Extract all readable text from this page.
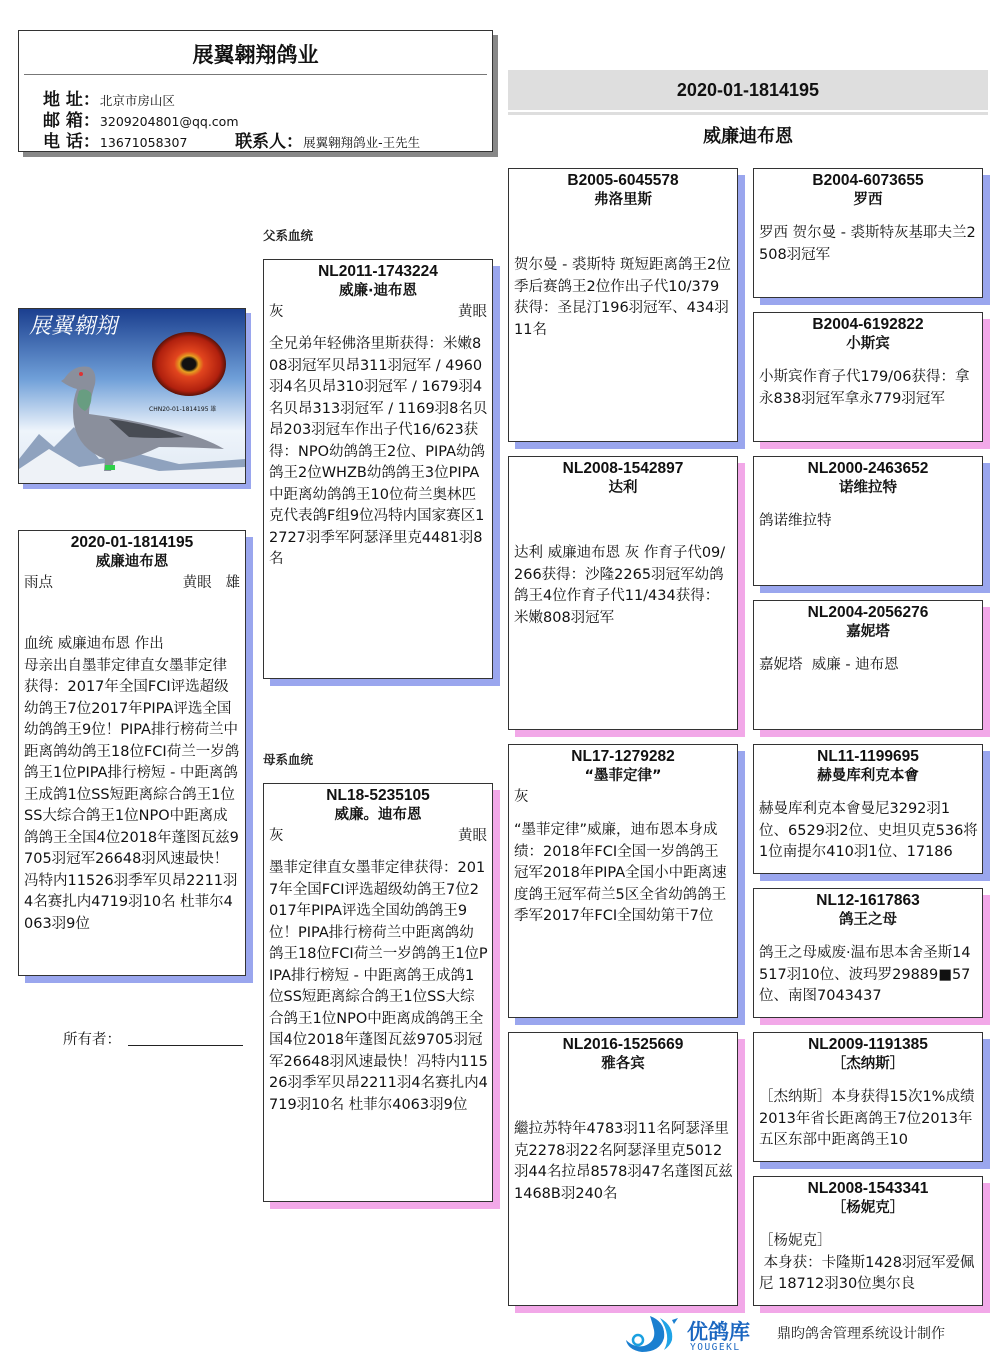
展翼翱翔鸽业
地 址：北京市房山区
邮 箱：3209204801@qq.com
电 话：13671058307	联系人：展翼翱翔鸽业-王先生
2020-01-1814195
威廉迪布恩
展翼翱翔
CHN20-01-1814195 雄
2020-01-1814195
威廉迪布恩
雨点	黄眼 雄
血统 威廉迪布恩 作出
母亲出自墨菲定律直女墨菲定律获得：2017年全国FCI评选超级幼鸽王7位2017年PIPA评选全国幼鸽鸽王9位！PIPA排行榜荷兰中距离鸽幼鸽王18位FCI荷兰一岁鸽鸽王1位PIPA排行榜短 - 中距离鸽王成鸽1位SS短距离綜合鸽王1位SS大综合鸽王1位NPO中距离成鸽鸽王全国4位2018年蓬图瓦兹9705羽冠军26648羽风速最快！冯特内11526羽季军贝昂2211羽4名赛扎内4719羽10名 杜菲尔4063羽9位
所有者：
父系血统
母系血统
NL2011-1743224
威廉·迪布恩
灰	黄眼
全兄弟年轻佛洛里斯获得：米嫩808羽冠军贝昂311羽冠军 / 4960羽4名贝昂310羽冠军 / 1679羽4名贝昂313羽冠军 / 1169羽8名贝昂203羽冠车作出子代16/623获得：NPO幼鸽鸽王2位、PIPA幼鸽鸽王2位WHZB幼鸽鸽王3位PIPA中距离幼鸽鸽王10位荷兰奥林匹克代表鸽F组9位冯特内国家赛区12727羽季军阿瑟泽里克4481羽8名
NL18-5235105
威廉。迪布恩
灰	黄眼
墨菲定律直女墨菲定律获得：2017年全国FCI评选超级幼鸽王7位2017年PIPA评选全国幼鸽鸽王9位！PIPA排行榜荷兰中距离鸽幼鸽王18位FCI荷兰一岁鸽鸽王1位PIPA排行榜短 - 中距离鸽王成鸽1位SS短距离綜合鸽王1位SS大综合鸽王1位NPO中距离成鸽鸽王全国4位2018年蓬图瓦兹9705羽冠军26648羽风速最快！冯特内11526羽季军贝昂2211羽4名赛扎内4719羽10名 杜菲尔4063羽9位
B2005-6045578
弗洛里斯
贺尔曼 - 裘斯特 斑短距离鸽王2位季后赛鸽王2位作出子代10/379获得：圣昆汀196羽冠军、434羽11名
NL2008-1542897
达利
达利 威廉迪布恩 灰 作育子代09/266获得：沙隆2265羽冠军幼鸽鸽王4位作育子代11/434获得：米嫩808羽冠军
NL17-1279282
“墨菲定律”
灰
“墨菲定律”威廉，迪布恩本身成绩：2018年FCI全国一岁鸽鸽王冠军2018年PIPA全国小中距离速度鸽王冠军荷兰5区全省幼鸽鸽王季军2017年FCI全国幼第干7位
NL2016-1525669
雅各宾
繼拉苏特年4783羽11名阿瑟泽里克2278羽22名阿瑟泽里克5012羽44名拉昂8578羽47名蓬图瓦兹1468B羽240名
B2004-6073655
罗西
罗西 贺尔曼 - 裘斯特灰基耶夫兰2508羽冠军
B2004-6192822
小斯宾
小斯宾作育子代179/06获得：拿永838羽冠军拿永779羽冠军
NL2000-2463652
诺维拉特
鸽诺维拉特
NL2004-2056276
嘉妮塔
嘉妮塔  威廉 - 迪布恩
NL11-1199695
赫曼库利克本會
赫曼库利克本會曼尼3292羽1位、6529羽2位、史坦贝克536将1位南提尔410羽1位、17186
NL12-1617863
鸽王之母
鸽王之母威废·温布思本舍圣斯14517羽10位、波玛罗29889■57位、南图7043437
NL2009-1191385
［杰纳斯］
［杰纳斯］本身获得15次1%成绩2013年省长距离鸽王7位2013年五区东部中距离鸽王10
NL2008-1543341
［杨妮克］
［杨妮克］
本身获：卡隆斯1428羽冠军爱佩尼 18712羽30位奥尔良
优鸽库
YOUGEKL
鼎昀鸽舍管理系统设计制作
